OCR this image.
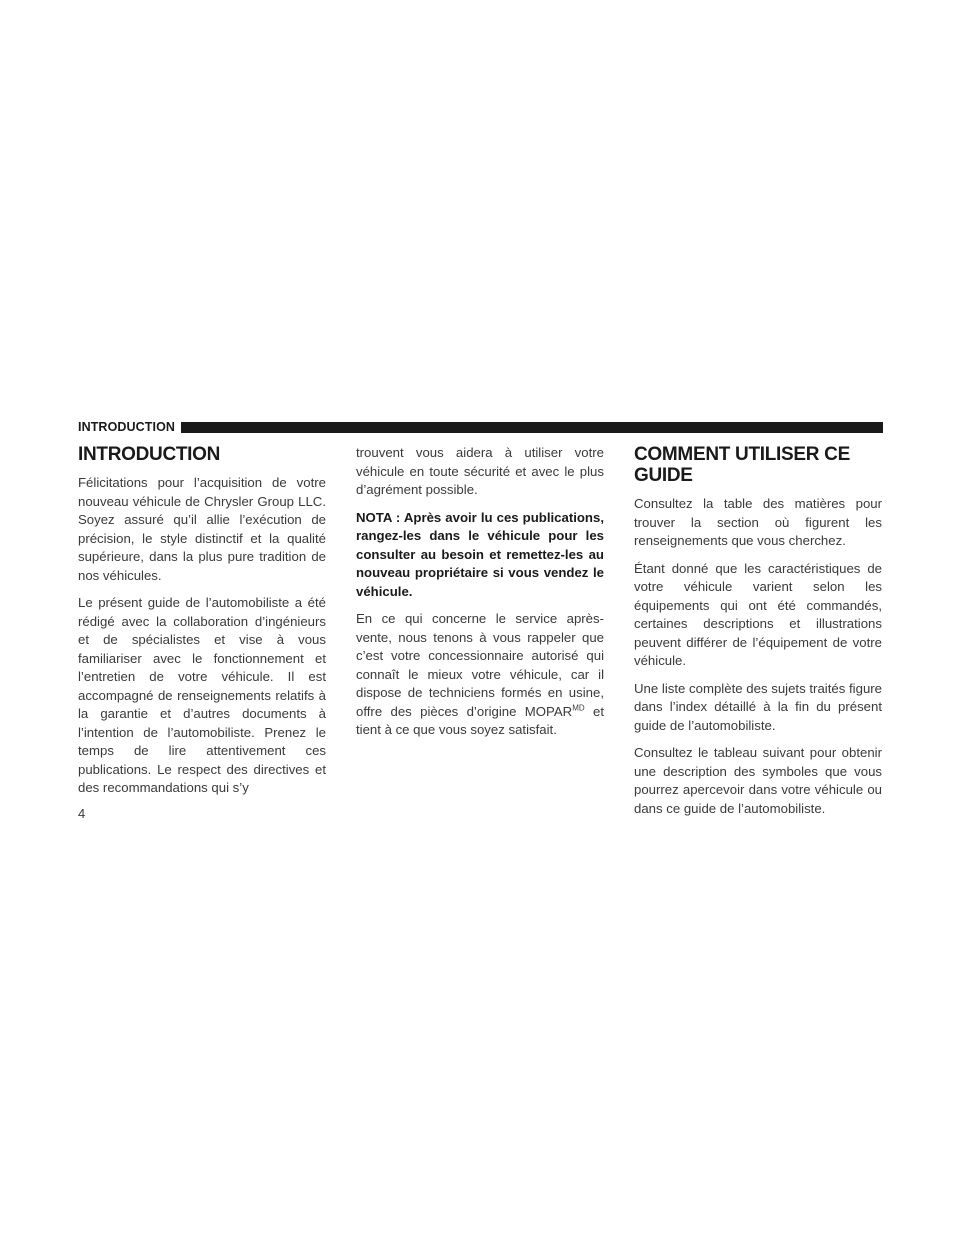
INTRODUCTION
INTRODUCTION

Félicitations pour l’acquisition de votre nouveau véhicule de Chrysler Group LLC. Soyez assuré qu’il allie l’exécution de précision, le style distinctif et la qualité supérieure, dans la plus pure tradition de nos véhicules.

Le présent guide de l’automobiliste a été rédigé avec la collaboration d’ingénieurs et de spécialistes et vise à vous familiariser avec le fonctionnement et l’entretien de votre véhicule. Il est accompagné de renseignements relatifs à la garantie et d’autres documents à l’intention de l’automobiliste. Prenez le temps de lire attentivement ces publications. Le respect des directives et des recommandations qui s’y

trouvent vous aidera à utiliser votre véhicule en toute sécurité et avec le plus d’agrément possible.

NOTA : Après avoir lu ces publications, rangez-les dans le véhicule pour les consulter au besoin et remettez-les au nouveau propriétaire si vous vendez le véhicule.

En ce qui concerne le service après-vente, nous tenons à vous rappeler que c’est votre concessionnaire autorisé qui connaît le mieux votre véhicule, car il dispose de techniciens formés en usine, offre des pièces d’origine $MOPAR^{MD}$ et tient à ce que vous soyez satisfait.

COMMENT UTILISER CE GUIDE

Consultez la table des matières pour trouver la section où figurent les renseignements que vous cherchez.

Étant donné que les caractéristiques de votre véhicule varient selon les équipements qui ont été commandés, certaines descriptions et illustrations peuvent différer de l’équipement de votre véhicule.

Une liste complète des sujets traités figure dans l’index détaillé à la fin du présent guide de l’automobiliste.

Consultez le tableau suivant pour obtenir une description des symboles que vous pourrez apercevoir dans votre véhicule ou dans ce guide de l’automobiliste.

4
